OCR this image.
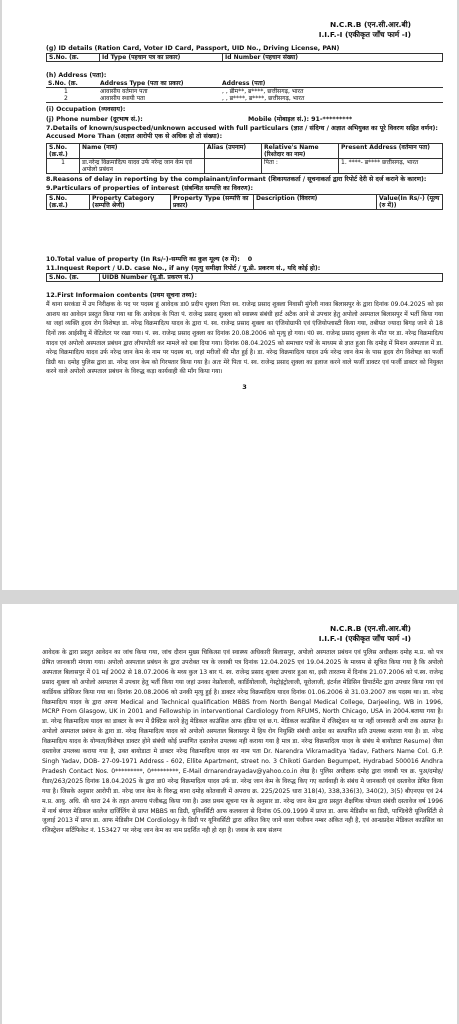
N.C.R.B (एन.सी.आर.बी)
I.I.F.-I (एकीकृत जाँच फार्म -I)
(g) ID details (Ration Card, Voter ID Card, Passport, UID No., Driving License, PAN)
S.No. (क्र.	Id Type (पहचान पत्र का प्रकार)	Id Number (पहचान संख्या)
(h) Address (पता):
S.No. (क्र.	Address Type (पता का प्रकार)	Address (पता)
1	आवासीय वर्तमान पता	, , ब्रीम**, ब्र****, छत्तीसगढ़, भारत
2	आवासीय स्थायी पता	, , ब्र****, ब्र****, छत्तीसगढ़, भारत
(i) Occupation (व्यवसाय):
(j) Phone number (दूरभाष सं.):	Mobile (मोबाइल सं.): 91-*********
7.Details of known/suspected/unknown accused with full particulars (ज्ञात / संदिग्ध / अज्ञात अभियुक्त का पूरे विवरण सहित वर्णन):
Accused More Than (अज्ञात आरोपी एक से अधिक हो तो संख्या):
S.No. (क्र.सं.)	Name (नाम)	Alias (उपनाम)	Relative's Name (रिश्तेदार का नाम)	Present Address (वर्तमान पता)
1	डा.नरेन्द्र विक्रमादित्य यादव उर्फ नरेन्द्र जान केम एवं अपोलो प्रबंधन		पिता :	1. ****- ब्र**** छत्तीसगढ़, भारत
8.Reasons of delay in reporting by the complainant/informant (शिकायतकर्ता / सूचनाकर्ता द्वारा रिपोर्ट देरी से दर्ज कराने के कारण):
9.Particulars of properties of interest (संबन्धित सम्पत्ति का विवरण):
S.No. (क्र.सं.)	Property Category (सम्पत्ति श्रेणी)	Property Type (सम्पत्ति का प्रकार)	Description (विवरण)	Value(In Rs/-) (मूल्य (रु में))
10.Total value of property (In Rs/-)-सम्पत्ति का कुल मूल्य (रु में): 0
11.Inquest Report / U.D. case No., if any (मृत्यु समीक्षा रिपोर्ट / यू.डी. प्रकरण सं., यदि कोई हो):
S.No. (क्र.	UIDB Number (यू.डी. प्रकरण सं.)
12.First Informaion contents (प्रथम सूचना तथ्य):
मैं थाना सरकंडा में उप निरीक्षक के पद पर पदस्थ हूं आवेदक डा0 प्रदीप शुक्ला पिता स्व. राजेन्द्र प्रसाद शुक्ला निवासी मुंगेली नाका बिलासपुर के द्वारा दिनांक 09.04.2025 को इस आशय का आवेदन प्रस्तुत किया गया था कि आवेदक के पिता पं. राजेन्द्र प्रसाद शुक्ला को स्वास्थ्य संबंधी हार्ट अटैक आने से उपचार हेतु अपोलो अस्पताल बिलासपुर में भर्ती किया गया था जहां व्यक्ति हृदय रोग विशेषज्ञ डा. नरेन्द्र विक्रमादित्य यादव के द्वारा पं. स्व. राजेन्द्र प्रसाद शुक्ला का एंजियोग्राफी एवं एंजियोप्लास्टी किया गया, तबीयत ज्यादा बिगड़ जाने से 18 दिनों तक आईसीयू में वेंटिलेटर पर रखा गया। पं. स्व. राजेन्द्र प्रसाद शुक्ला का दिनांक 20.08.2006 को मृत्यु हो गया। पं0 स्व. राजेन्द्र प्रसाद शुक्ला के मौत पर डा. नरेन्द्र विक्रमादित्य यादव एवं अपोलो अस्पताल प्रबंधन द्वारा लीपापोती कर मामले को दबा दिया गया। दिनांक 08.04.2025 को समाचार पत्रों के माध्यम से ज्ञात हुआ कि दमोह में मिशन अस्पताल में डा. नरेन्द्र विक्रमादित्य यादव उर्फ नरेन्द्र जान केम के नाम पर पदस्थ था, जहां मरीजों की मौत हुई है। डा. नरेन्द्र विक्रमादित्य यादव उर्फ नरेन्द्र जान केम के पास हृदय रोग विशेषज्ञ का फर्जी डिग्री था। दमोह पुलिस द्वारा डा. नरेन्द्र जान केम को गिरफ्तार किया गया है। अतः मेरे पिता पं. स्व. राजेन्द्र प्रसाद शुक्ला का इलाज करने वाले फर्जी डाक्टर एवं फर्जी डाक्टर को नियुक्त करने वाले अपोलो अस्पताल प्रबंधन के विरुद्ध कड़ा कार्यवाही की माँग किया गया।
3
N.C.R.B (एन.सी.आर.बी)
I.I.F.-I (एकीकृत जाँच फार्म -I)
आवेदक के द्वारा प्रस्तुत आवेदन का जांच किया गया, जांच दौरान मुख्य चिकित्सा एवं स्वास्थ्य अधिकारी बिलासपुर, अपोलो अस्पताल प्रबंधन एवं पुलिस अधीक्षक दमोह म.प्र. को पत्र प्रेषित जानकारी मंगाया गया। अपोलो अस्पताल प्रबंधन के द्वारा उपरोक्त पत्र के जवाबी पत्र दिनांक 12.04.2025 एवं 19.04.2025 के माध्यम से सूचित किया गया है कि अपोलो अस्पताल बिलासपुर में 01 मई 2002 से 18.07.2006 के मध्य कुल 13 बार पं. स्व. राजेन्द्र प्रसाद शुक्ला उपचार हुआ था, इसी तारतम्य में दिनांक 21.07.2006 को पं.स्व. राजेन्द्र प्रसाद शुक्ला को अपोलो अस्पताल में उपचार हेतु भर्ती किया गया जहां उनका नेफ्रोलाजी, कार्डियोलाजी, गेस्ट्रोइंट्रोलाजी, यूरोलाजी, इंटर्नल मेडिसिन डिपार्टमेंट द्वारा उपचार किया गया एवं कार्डियक प्रोसिजर किया गया था। दिनांक 20.08.2006 को उनकी मृत्यु हुई है। डाक्टर नरेन्द्र विक्रमादित्य यादव दिनांक 01.06.2006 से 31.03.2007 तक पदस्थ था। डा. नरेन्द्र विक्रमादित्य यादव के द्वारा अपना Medical and Technical qualification MBBS from North Bengal Medical College, Darjeeling, WB in 1996, MCRP From Glasgow, UK in 2001 and Fellowship in interventional Cardiology from RFUMS, North Chicago, USA in 2004.बताया गया है। डा. नरेन्द्र विक्रमादित्य यादव का डाक्टर के रूप में प्रैक्टिस करने हेतु मेडिकल काउंसिल आफ इंडिया एवं छ.ग. मेडिकल काउंसिल में रजिस्ट्रेशन था या नहीं जानकारी अभी तक अप्राप्त है। अपोलो अस्पताल प्रबंधन के द्वारा डा. नरेन्द्र विक्रमादित्य यादव को अपोलो अस्पताल बिलासपुर में हिय रोग नियुक्ति संबंधी आदेश का सत्यापित प्रति उपलब्ध कराया गया है। डा. नरेन्द्र विक्रमादित्य यादव के योग्यता/विशेषज्ञ डाक्टर होने संबंधी कोई प्रमाणित दस्तावेज उपलब्ध नही कराया गया है मात्र डा. नरेन्द्र विक्रमादित्य यादव के संबंध मे बायोडाटा Resume) जैसा दस्तावेज उपलब्ध कराया गया है, उक्त बायोडाटा मे डाक्टर नरेन्द्र विक्रमादित्य यादव का नाम पता Dr. Narendra Vikramaditya Yadav, Fathers Name Col. G.P. Singh Yadav, DOB- 27-09-1971 Address - 602, Ellite Apartment, street no. 3 Chikoti Garden Begumpet, Hydrabad 500016 Andhra Pradesh Contact Nos. 0*********, 0*********, E-Mail drnarendrayadav@yahoo.co.in लेख है। पुलिस अधीक्षक दमोह द्वारा जवाबी पत्र क्र. पुअ/दमोह/रीडर/263/2025 दिनांक 18.04.2025 के द्वारा डा0 नरेन्द्र विक्रमादित्य यादव उर्फ डा. नरेन्द्र जान केम के विरुद्ध किए गए कार्यवाही के संबंध मे जानकारी एवं दस्तावेज प्रेषित किया गया है। जिसके अनुसार आरोपी डा. नरेन्द्र जान केम के विरुद्ध थाना दमोह कोतवाली में अपराध क्र. 225/2025 धारा 318(4), 338,336(3), 340(2), 3(5) बीएनएस एवं 24 म.प्र. आयु. अधि. की धारा 24 के तहत अपराध पंजीबद्ध किया गया है। उक्त प्रथम सूचना पत्र के अनुसार डा. नरेन्द्र जान केम द्वारा प्रस्तुत शैक्षणिक योग्यता संबंधी दस्तावेज वर्ष 1996 में नार्थ बंगाल मेडिकल कालेज दार्जिलिंग से प्राप्त MBBS का डिग्री, यूनिवर्सिटी आफ कलकत्ता से दिनांक 05.09.1999 में प्राप्त डा. आफ मेडिसीन का डिग्री, पाण्डिचेरी यूनिवर्सिटी से जुलाई 2013 में प्राप्त डा. आफ मेडिसीन DM Cordiology के डिग्री पर यूनिवर्सिटी द्वारा अंकित किए जाने वाला पंजीयन नम्बर अंकित नही है, एवं आन्ध्रप्रदेश मेडिकल काउंसिल का रजिस्ट्रेशन सर्टिफिकेट नं. 153427 पर नरेन्द्र जान केम का नाम प्रदर्शित नही हो रहा है। जवाब के साथ संलग्न
